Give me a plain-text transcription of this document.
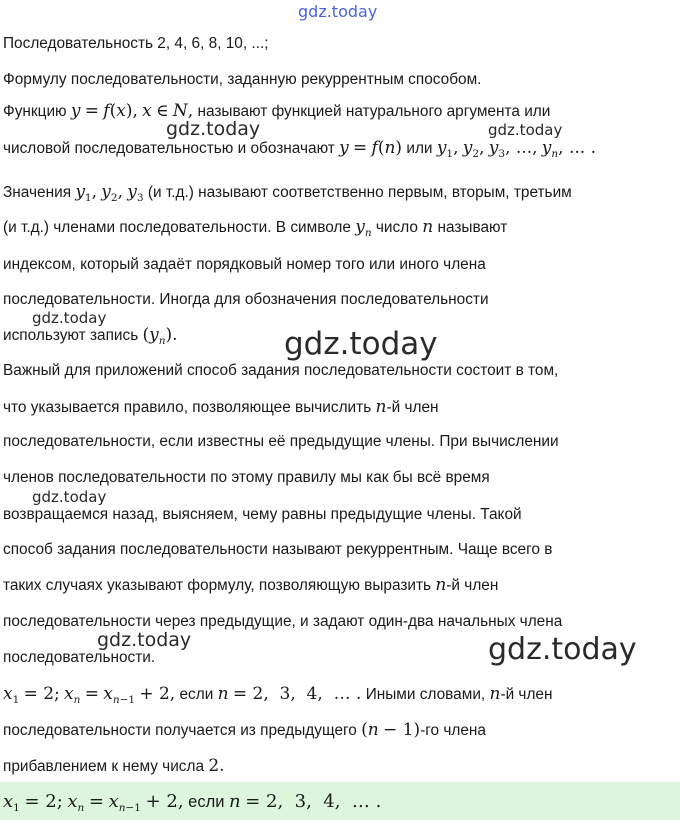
gdz.today
Последовательность 2, 4, 6, 8, 10, ...;
Формулу последовательности, заданную рекуррентным способом.
Функцию y = f(x), x ∈ N, называют функцией натурального аргумента или
gdz.today	gdz.today
числовой последовательностью и обозначают y = f(n) или $y_1$, $y_2$, $y_3$, ..., $y_n$, ... .
Значения $y_1$, $y_2$, $y_3$ (и т.д.) называют соответственно первым, вторым, третьим
(и т.д.) членами последовательности. В символе $y_n$ число n называют
индексом, который задаёт порядковый номер того или иного члена
последовательности. Иногда для обозначения последовательности
gdz.today
используют запись $(y_n)$.	gdz.today
Важный для приложений способ задания последовательности состоит в том,
что указывается правило, позволяющее вычислить n-й член
последовательности, если известны её предыдущие члены. При вычислении
членов последовательности по этому правилу мы как бы всё время
gdz.today
возвращаемся назад, выясняем, чему равны предыдущие члены. Такой
способ задания последовательности называют рекуррентным. Чаще всего в
таких случаях указывают формулу, позволяющую выразить n-й член
последовательности через предыдущие, и задают один-два начальных члена
gdz.today	gdz.today
последовательности.
$x_1 = 2$; $x_n = x_{n-1} + 2$, если n = 2,  3,  4,  … . Иными словами, n-й член
последовательности получается из предыдущего (n − 1)-го члена
прибавлением к нему числа 2.
$x_1 = 2$; $x_n = x_{n-1} + 2$, если n = 2,  3,  4,  … .
